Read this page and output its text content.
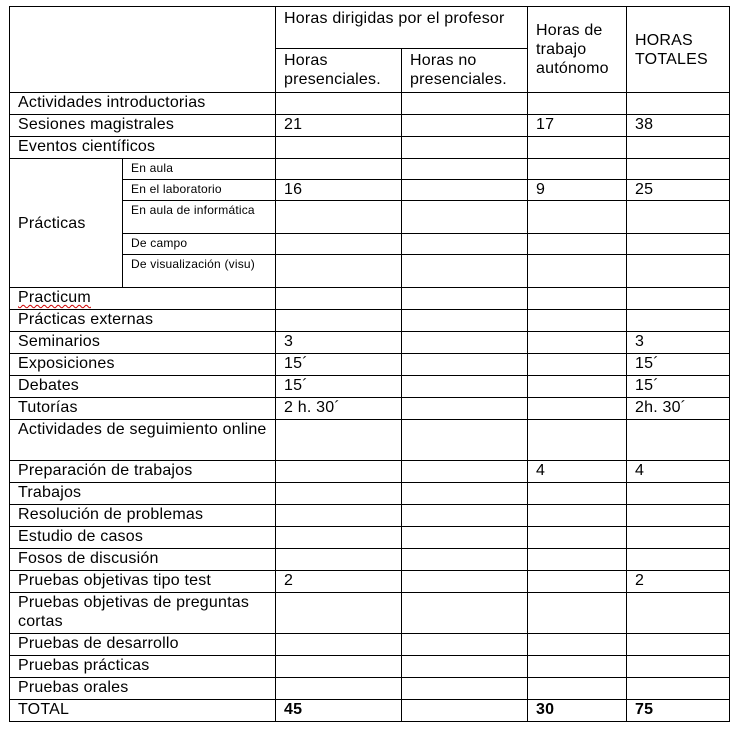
		Horas dirigidas por el profesor		Horas de trabajo autónomo	HORAS TOTALES
		Horas presenciales.	Horas no presenciales.		
Actividades introductorias					
Sesiones magistrales		21		17	38
Eventos científicos					
Prácticas	En aula				
	En el laboratorio	16		9	25
	En aula de informática				
	De campo				
	De visualización (visu)				
Practicum					
Prácticas externas					
Seminarios		3			3
Exposiciones		15´			15´
Debates		15´			15´
Tutorías		2 h. 30´			2h. 30´
Actividades de seguimiento online					
Preparación de trabajos				4	4
Trabajos					
Resolución de problemas					
Estudio de casos					
Fosos de discusión					
Pruebas objetivas tipo test		2			2
Pruebas objetivas de preguntas cortas					
Pruebas de desarrollo					
Pruebas prácticas					
Pruebas orales					
TOTAL		45		30	75
